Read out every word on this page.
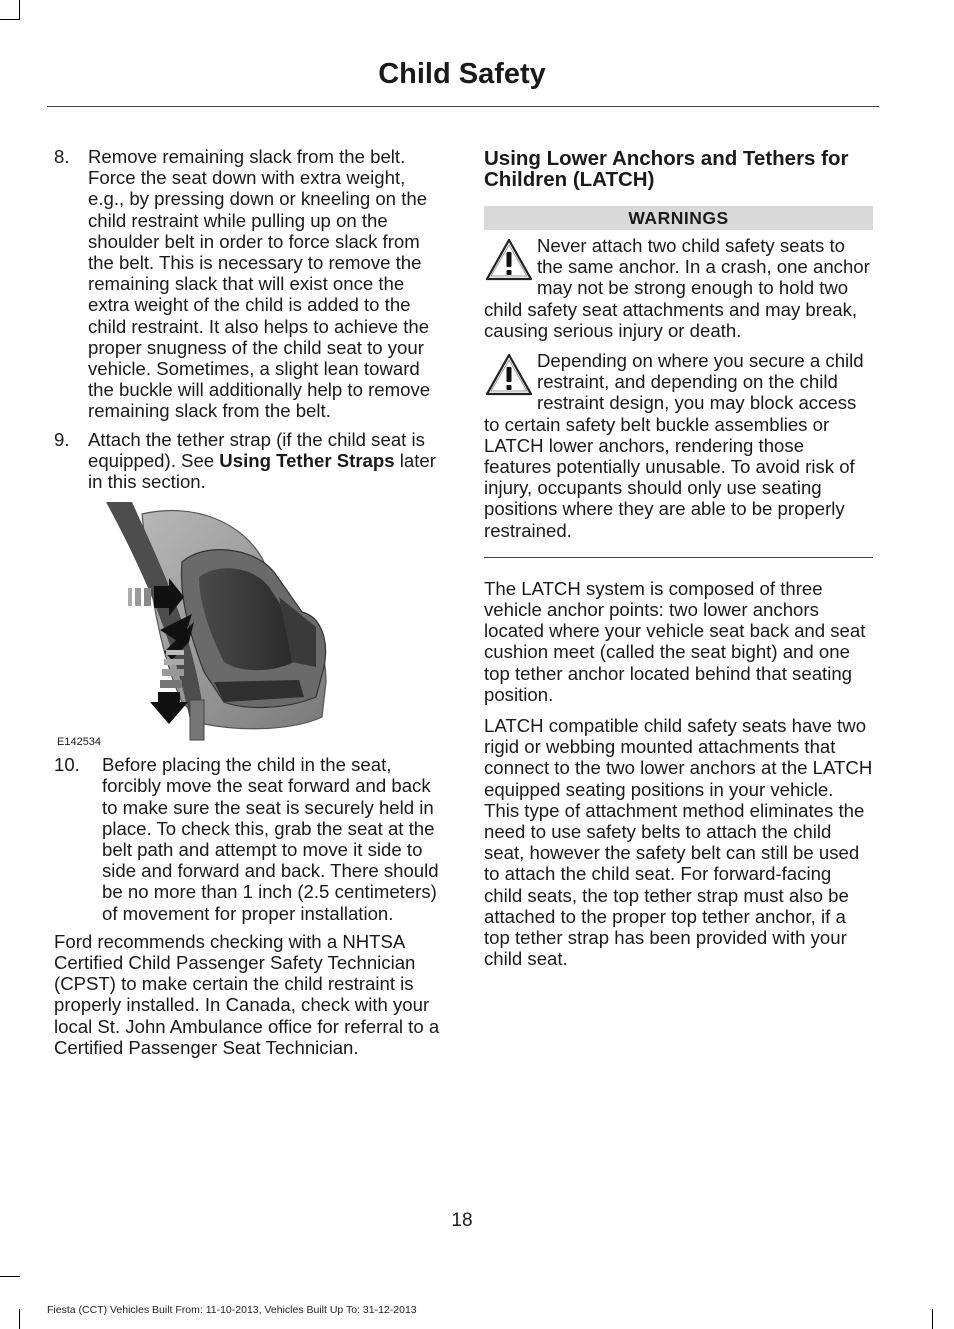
Child Safety
8. Remove remaining slack from the belt. Force the seat down with extra weight, e.g., by pressing down or kneeling on the child restraint while pulling up on the shoulder belt in order to force slack from the belt. This is necessary to remove the remaining slack that will exist once the extra weight of the child is added to the child restraint. It also helps to achieve the proper snugness of the child seat to your vehicle. Sometimes, a slight lean toward the buckle will additionally help to remove remaining slack from the belt.
9. Attach the tether strap (if the child seat is equipped). See Using Tether Straps later in this section.
E142534
10. Before placing the child in the seat, forcibly move the seat forward and back to make sure the seat is securely held in place. To check this, grab the seat at the belt path and attempt to move it side to side and forward and back. There should be no more than 1 inch (2.5 centimeters) of movement for proper installation.

Ford recommends checking with a NHTSA Certified Child Passenger Safety Technician (CPST) to make certain the child restraint is properly installed. In Canada, check with your local St. John Ambulance office for referral to a Certified Passenger Seat Technician.

Using Lower Anchors and Tethers for Children (LATCH)
WARNINGS
Never attach two child safety seats to the same anchor. In a crash, one anchor may not be strong enough to hold two child safety seat attachments and may break, causing serious injury or death.
Depending on where you secure a child restraint, and depending on the child restraint design, you may block access to certain safety belt buckle assemblies or LATCH lower anchors, rendering those features potentially unusable. To avoid risk of injury, occupants should only use seating positions where they are able to be properly restrained.

The LATCH system is composed of three vehicle anchor points: two lower anchors located where your vehicle seat back and seat cushion meet (called the seat bight) and one top tether anchor located behind that seating position.

LATCH compatible child safety seats have two rigid or webbing mounted attachments that connect to the two lower anchors at the LATCH equipped seating positions in your vehicle. This type of attachment method eliminates the need to use safety belts to attach the child seat, however the safety belt can still be used to attach the child seat. For forward-facing child seats, the top tether strap must also be attached to the proper top tether anchor, if a top tether strap has been provided with your child seat.

18
Fiesta (CCT) Vehicles Built From: 11-10-2013, Vehicles Built Up To: 31-12-2013
